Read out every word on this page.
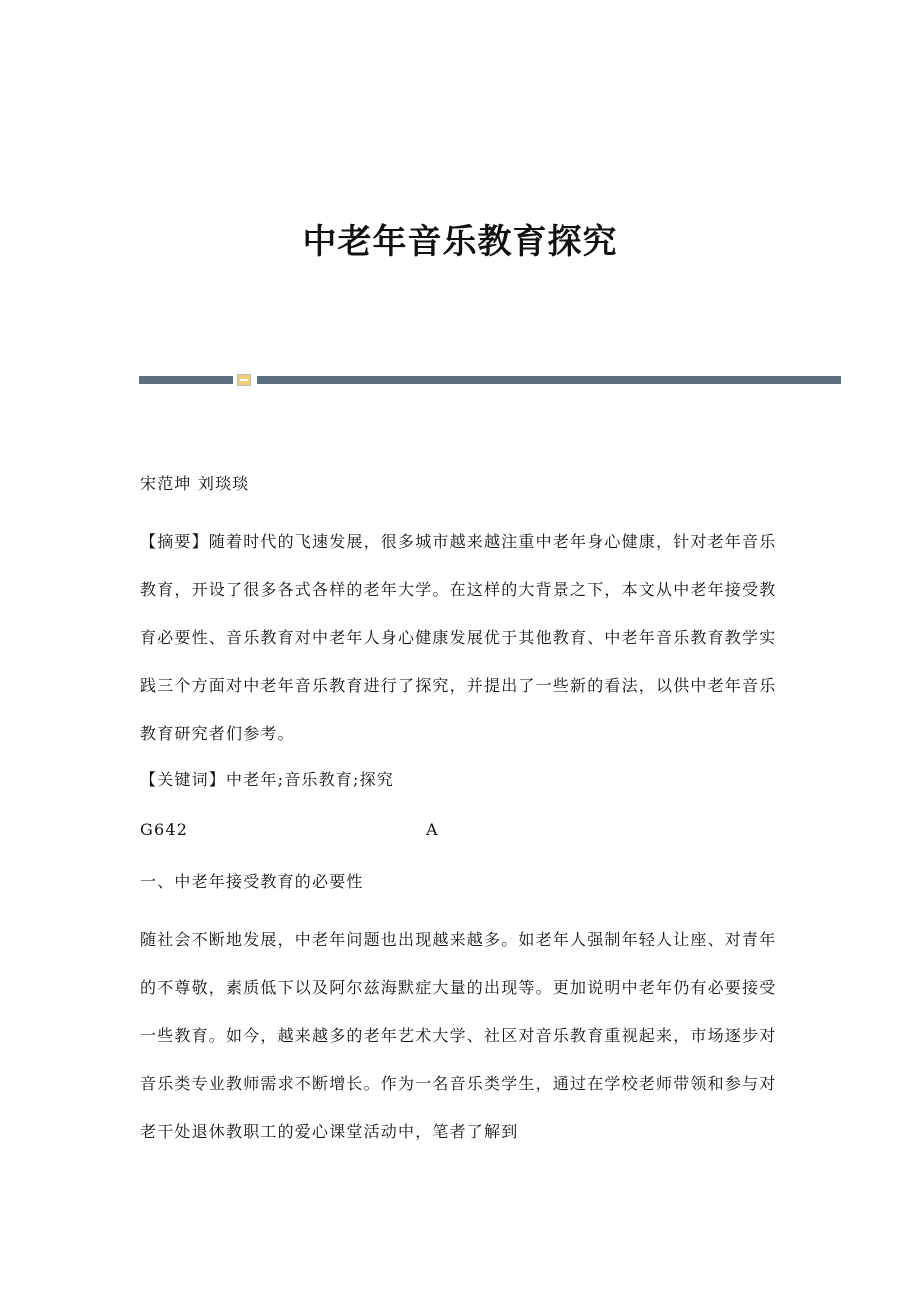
中老年音乐教育探究

宋范坤 刘琰琰

【摘要】随着时代的飞速发展，很多城市越来越注重中老年身心健康，针对老年音乐教育，开设了很多各式各样的老年大学。在这样的大背景之下，本文从中老年接受教育必要性、音乐教育对中老年人身心健康发展优于其他教育、中老年音乐教育教学实践三个方面对中老年音乐教育进行了探究，并提出了一些新的看法，以供中老年音乐教育研究者们参考。

【关键词】中老年;音乐教育;探究

G642	A

一、中老年接受教育的必要性

随社会不断地发展，中老年问题也出现越来越多。如老年人强制年轻人让座、对青年的不尊敬，素质低下以及阿尔兹海默症大量的出现等。更加说明中老年仍有必要接受一些教育。如今，越来越多的老年艺术大学、社区对音乐教育重视起来，市场逐步对音乐类专业教师需求不断增长。作为一名音乐类学生，通过在学校老师带领和参与对老干处退休教职工的爱心课堂活动中，笔者了解到
